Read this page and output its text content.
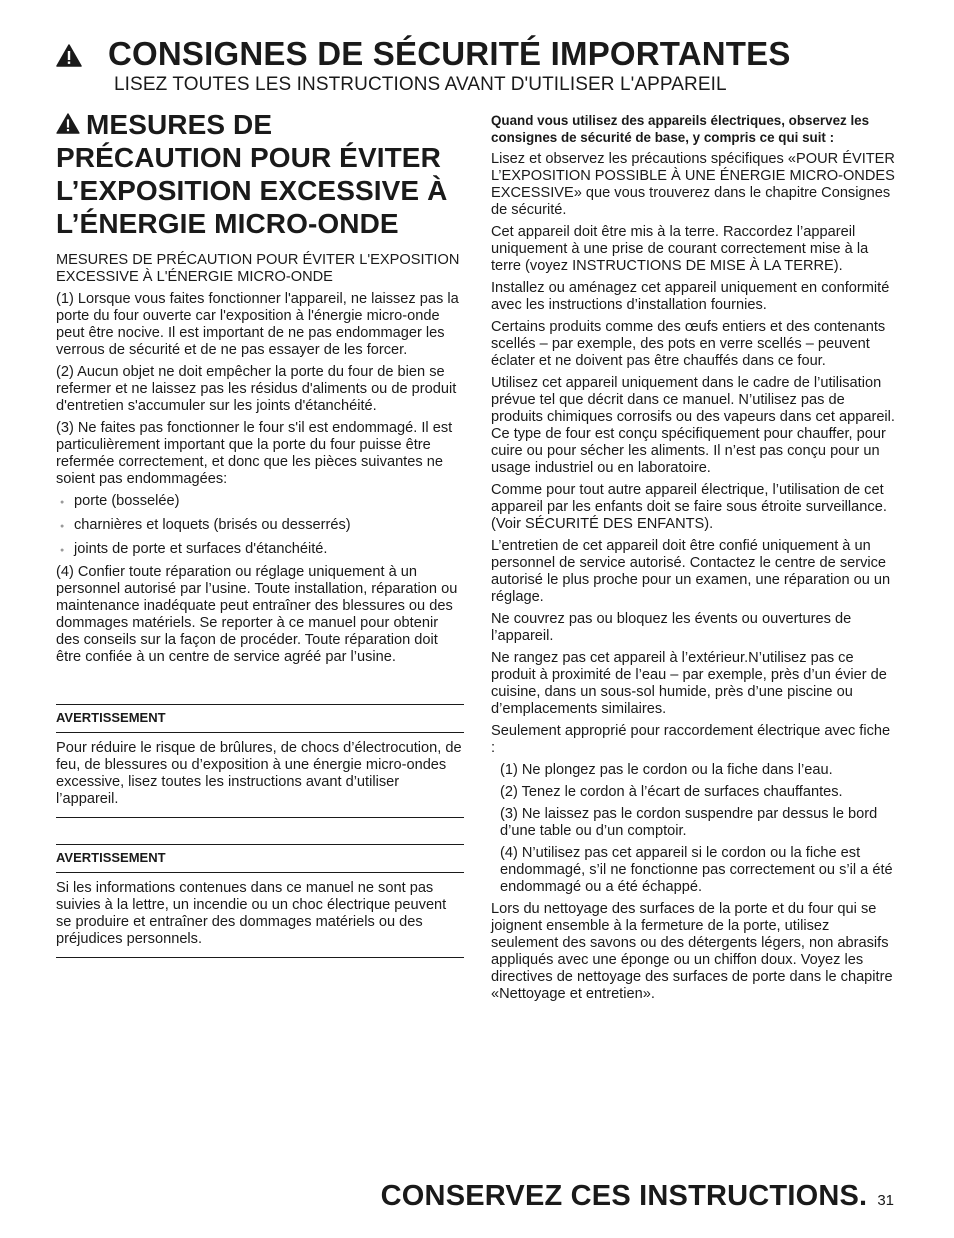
CONSIGNES DE SÉCURITÉ IMPORTANTES
LISEZ TOUTES LES INSTRUCTIONS AVANT D'UTILISER L'APPAREIL
MESURES DE PRÉCAUTION POUR ÉVITER L’EXPOSITION EXCESSIVE À L’ÉNERGIE MICRO-ONDE

MESURES DE PRÉCAUTION POUR ÉVITER L'EXPOSITION EXCESSIVE À L'ÉNERGIE MICRO-ONDE

(1) Lorsque vous faites fonctionner l'appareil, ne laissez pas la porte du four ouverte car l'exposition à l'énergie micro-onde peut être nocive. Il est important de ne pas endommager les verrous de sécurité et de ne pas essayer de les forcer.

(2) Aucun objet ne doit empêcher la porte du four de bien se refermer et ne laissez pas les résidus d'aliments ou de produit d'entretien s'accumuler sur les joints d'étanchéité.

(3) Ne faites pas fonctionner le four s'il est endommagé. Il est particulièrement important que la porte du four puisse être refermée correctement, et donc que les pièces suivantes ne soient pas endommagées:

● porte (bosselée)
● charnières et loquets (brisés ou desserrés)
● joints de porte et surfaces d'étanchéité.

(4) Confier toute réparation ou réglage uniquement à un personnel autorisé par l’usine. Toute installation, réparation ou maintenance inadéquate peut entraîner des blessures ou des dommages matériels. Se reporter à ce manuel pour obtenir des conseils sur la façon de procéder. Toute réparation doit être confiée à un centre de service agréé par l’usine.

AVERTISSEMENT
Pour réduire le risque de brûlures, de chocs d’électrocution, de feu, de blessures ou d’exposition à une énergie micro-ondes excessive, lisez toutes les instructions avant d’utiliser l’appareil.
AVERTISSEMENT
Si les informations contenues dans ce manuel ne sont pas suivies à la lettre, un incendie ou un choc électrique peuvent se produire et entraîner des dommages matériels ou des préjudices personnels.

Quand vous utilisez des appareils électriques, observez les consignes de sécurité de base, y compris ce qui suit :

Lisez et observez les précautions spécifiques «POUR ÉVITER L’EXPOSITION POSSIBLE À UNE ÉNERGIE MICRO-ONDES EXCESSIVE» que vous trouverez dans le chapitre Consignes de sécurité.

Cet appareil doit être mis à la terre. Raccordez l’appareil uniquement à une prise de courant correctement mise à la terre (voyez INSTRUCTIONS DE MISE À LA TERRE).

Installez ou aménagez cet appareil uniquement en conformité avec les instructions d’installation fournies.

Certains produits comme des œufs entiers et des contenants scellés – par exemple, des pots en verre scellés – peuvent éclater et ne doivent pas être chauffés dans ce four.

Utilisez cet appareil uniquement dans le cadre de l’utilisation prévue tel que décrit dans ce manuel. N’utilisez pas de produits chimiques corrosifs ou des vapeurs dans cet appareil. Ce type de four est conçu spécifiquement pour chauffer, pour cuire ou pour sécher les aliments. Il n’est pas conçu pour un usage industriel ou en laboratoire.

Comme pour tout autre appareil électrique, l’utilisation de cet appareil par les enfants doit se faire sous étroite surveillance. (Voir SÉCURITÉ DES ENFANTS).

L’entretien de cet appareil doit être confié uniquement à un personnel de service autorisé. Contactez le centre de service autorisé le plus proche pour un examen, une réparation ou un réglage.

Ne couvrez pas ou bloquez les évents ou ouvertures de l’appareil.

Ne rangez pas cet appareil à l’extérieur.N’utilisez pas ce produit à proximité de l’eau – par exemple, près d’un évier de cuisine, dans un sous-sol humide, près d’une piscine ou d’emplacements similaires.

Seulement approprié pour raccordement électrique avec fiche :

(1) Ne plongez pas le cordon ou la fiche dans l’eau.

(2) Tenez le cordon à l’écart de surfaces chauffantes.

(3) Ne laissez pas le cordon suspendre par dessus le bord d’une table ou d’un comptoir.

(4) N’utilisez pas cet appareil si le cordon ou la fiche est endommagé, s’il ne fonctionne pas correctement ou s’il a été endommagé ou a été échappé.

Lors du nettoyage des surfaces de la porte et du four qui se joignent ensemble à la fermeture de la porte, utilisez seulement des savons ou des détergents légers, non abrasifs appliqués avec une éponge ou un chiffon doux. Voyez les directives de nettoyage des surfaces de porte dans le chapitre «Nettoyage et entretien».

CONSERVEZ CES INSTRUCTIONS. 31
